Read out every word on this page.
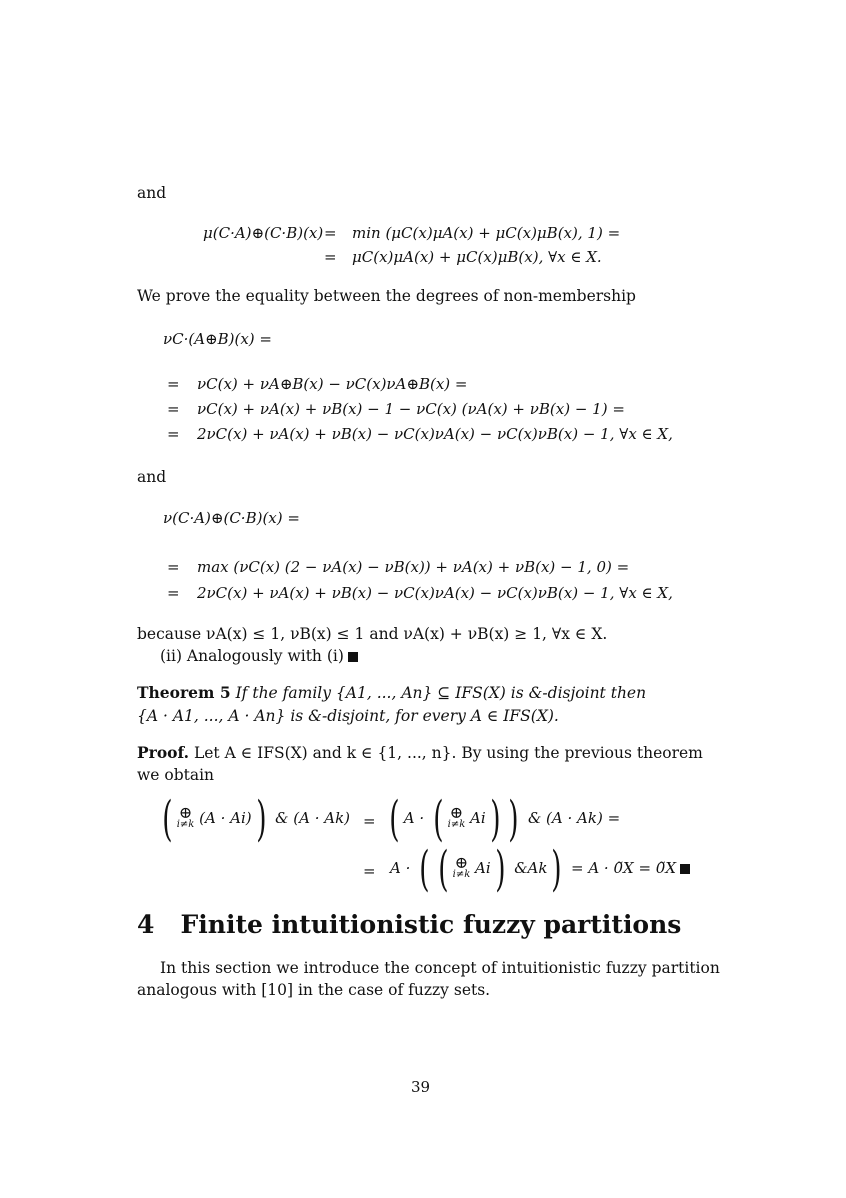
and
μ(C·A)⊕(C·B)(x) = min (μC(x)μA(x) + μC(x)μB(x), 1) =
= μC(x)μA(x) + μC(x)μB(x), ∀x ∈ X.
We prove the equality between the degrees of non-membership
νC·(A⊕B)(x) =
= νC(x) + νA⊕B(x) − νC(x)νA⊕B(x) =
= νC(x) + νA(x) + νB(x) − 1 − νC(x) (νA(x) + νB(x) − 1) =
= 2νC(x) + νA(x) + νB(x) − νC(x)νA(x) − νC(x)νB(x) − 1, ∀x ∈ X,
and
ν(C·A)⊕(C·B)(x) =
= max (νC(x) (2 − νA(x) − νB(x)) + νA(x) + νB(x) − 1, 0) =
= 2νC(x) + νA(x) + νB(x) − νC(x)νA(x) − νC(x)νB(x) − 1, ∀x ∈ X,
because νA(x) ≤ 1, νB(x) ≤ 1 and νA(x) + νB(x) ≥ 1, ∀x ∈ X.
(ii) Analogously with (i)
Theorem 5 If the family {A1, ..., An} ⊆ IFS(X) is &-disjoint then
{A · A1, ..., A · An} is &-disjoint, for every A ∈ IFS(X).
Proof. Let A ∈ IFS(X) and k ∈ {1, ..., n}. By using the previous theorem
we obtain
( ⊕
i≠k (A · Ai)) & (A · Ak) = ( A · ( ⊕
i≠k Ai) ) & (A · Ak) =
= A · ( ( ⊕
i≠k Ai) &Ak) = A · 0̃X = 0̃X
4 Finite intuitionistic fuzzy partitions
In this section we introduce the concept of intuitionistic fuzzy partition
analogous with [10] in the case of fuzzy sets.
39
